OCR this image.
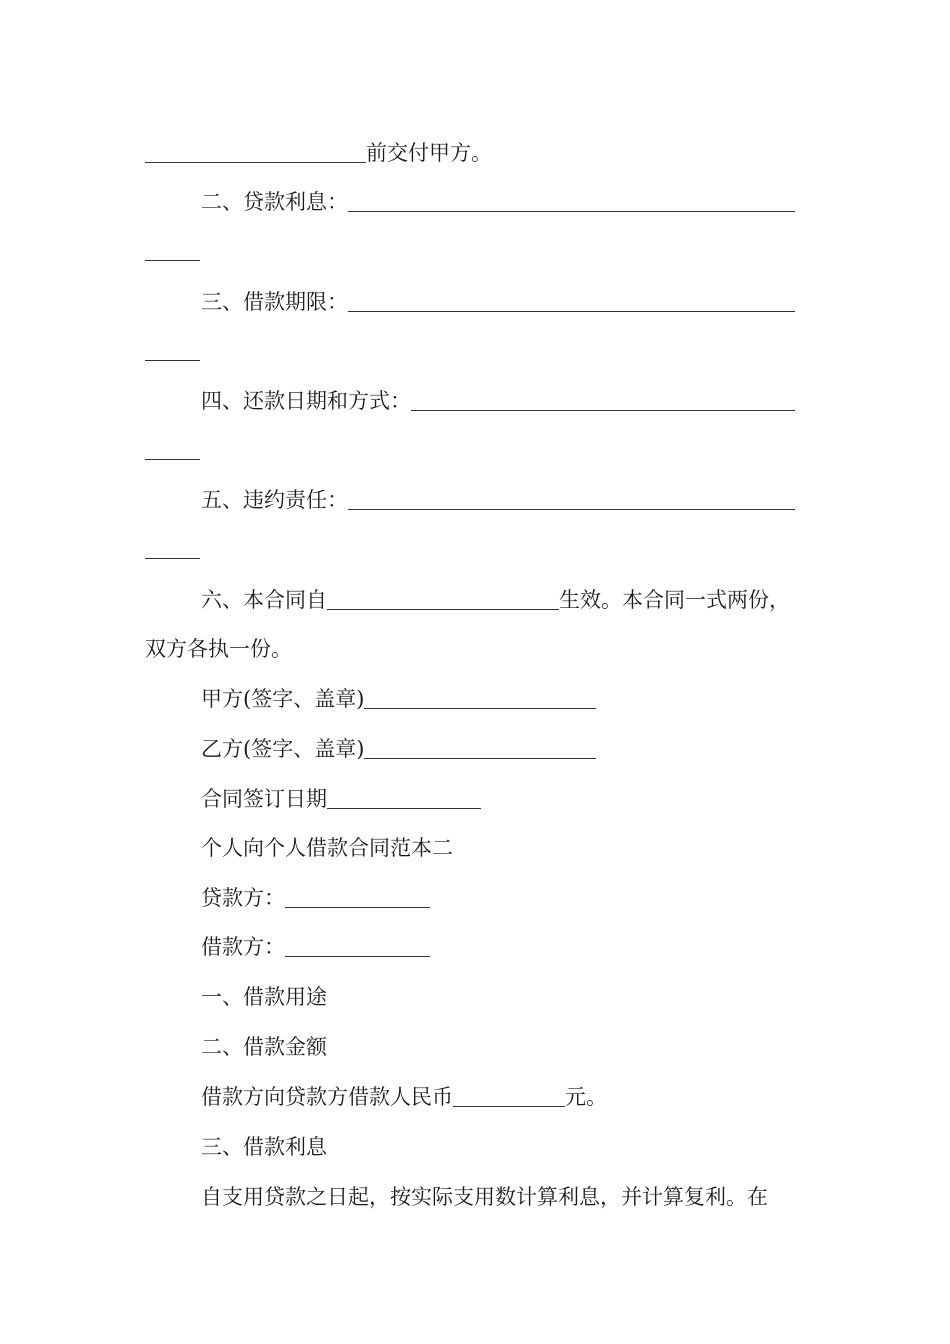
前交付甲方。
二、贷款利息：
三、借款期限：
四、还款日期和方式：
五、违约责任：
六、本合同自	生效。本合同一式两份，
双方各执一份。
甲方(签字、盖章)
乙方(签字、盖章)
合同签订日期
个人向个人借款合同范本二
贷款方：
借款方：
一、借款用途
二、借款金额
借款方向贷款方借款人民币	元。
三、借款利息
自支用贷款之日起，按实际支用数计算利息，并计算复利。在
